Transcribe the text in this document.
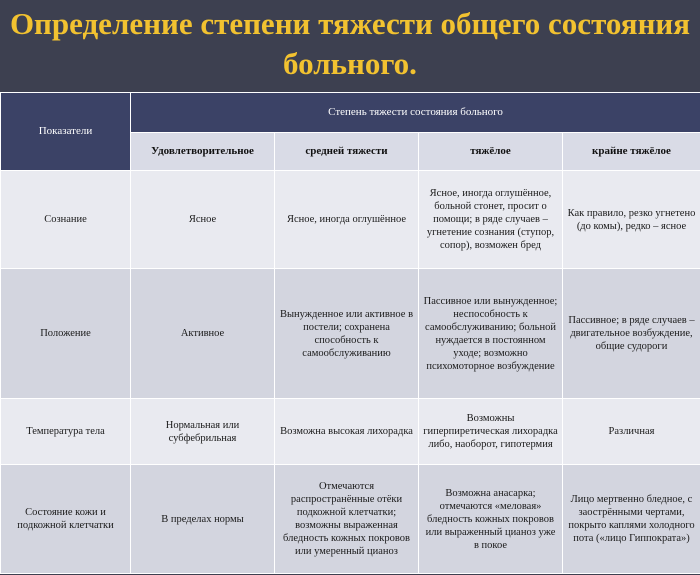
Определение степени тяжести общего состояния больного.
Показатели	Степень тяжести состояния больного			
	Удовлетворительное	средней тяжести	тяжёлое	крайне тяжёлое
Сознание	Ясное	Ясное, иногда оглушённое	Ясное, иногда оглушённое, больной стонет, просит о помощи; в ряде случаев – угнетение сознания (ступор, сопор), возможен бред	Как правило, резко угнетено (до комы), редко – ясное
Положение	Активное	Вынужденное или активное в постели; сохранена способность к самообслуживанию	Пассивное или вынужденное; неспособность к самообслуживанию; больной нуждается в постоянном уходе; возможно психомоторное возбуждение	Пассивное; в ряде случаев – двигательное возбуждение, общие судороги
Температура тела	Нормальная или субфебрильная	Возможна высокая лихорадка	Возможны гиперпиретическая лихорадка либо, наоборот, гипотермия	Различная
Состояние кожи и подкожной клетчатки	В пределах нормы	Отмечаются распространённые отёки подкожной клетчатки; возможны выраженная бледность кожных покровов или умеренный цианоз	Возможна анасарка; отмечаются «меловая» бледность кожных покровов или выраженный цианоз уже в покое	Лицо мертвенно бледное, с заострёнными чертами, покрыто каплями холодного пота («лицо Гиппократа»)
